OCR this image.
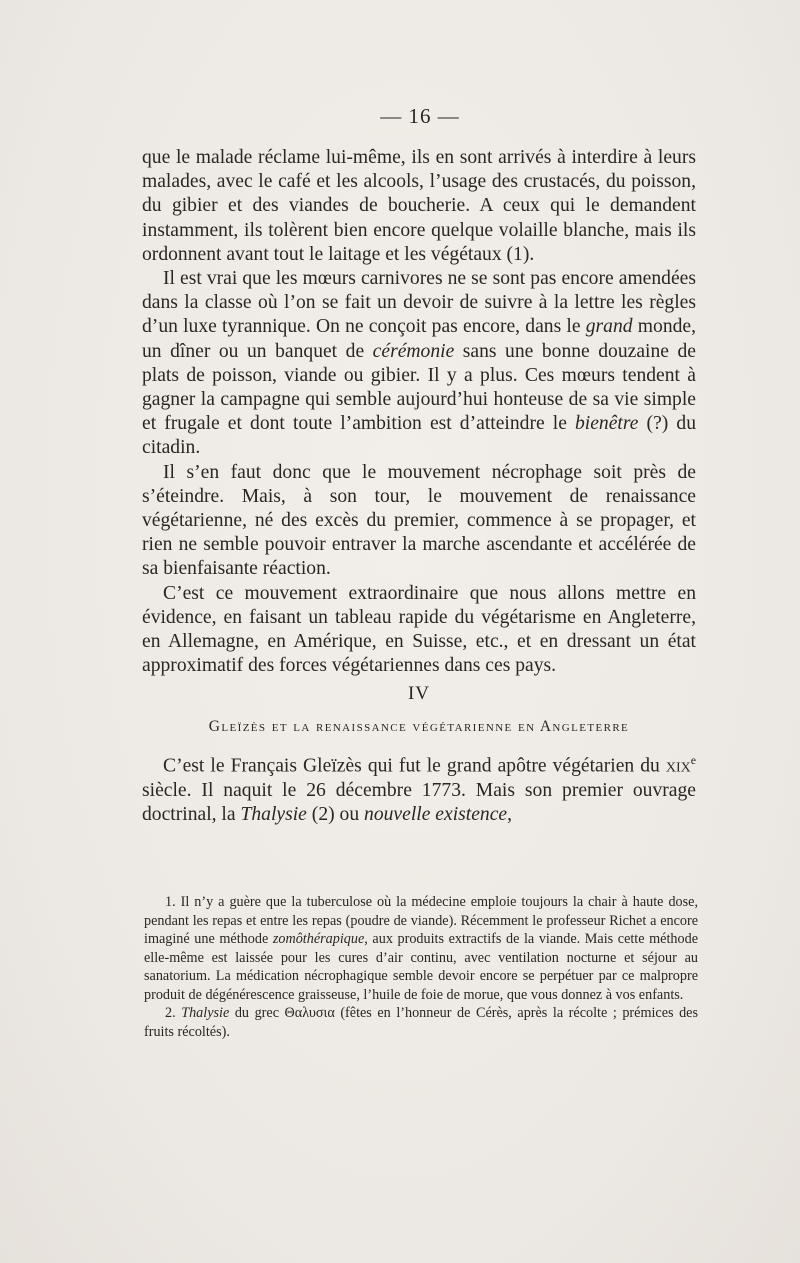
— 16 —

que le malade réclame lui-même, ils en sont arrivés à interdire à leurs malades, avec le café et les alcools, l’usage des crustacés, du poisson, du gibier et des viandes de boucherie. A ceux qui le demandent instamment, ils tolèrent bien encore quelque volaille blanche, mais ils ordonnent avant tout le laitage et les végétaux (1).

Il est vrai que les mœurs carnivores ne se sont pas encore amendées dans la classe où l’on se fait un devoir de suivre à la lettre les règles d’un luxe tyrannique. On ne conçoit pas encore, dans le grand monde, un dîner ou un banquet de cérémonie sans une bonne douzaine de plats de poisson, viande ou gibier. Il y a plus. Ces mœurs tendent à gagner la campagne qui semble aujourd’hui honteuse de sa vie simple et frugale et dont toute l’ambition est d’atteindre le bienêtre (?) du citadin.

Il s’en faut donc que le mouvement nécrophage soit près de s’éteindre. Mais, à son tour, le mouvement de renaissance végétarienne, né des excès du premier, commence à se propager, et rien ne semble pouvoir entraver la marche ascendante et accélérée de sa bienfaisante réaction.

C’est ce mouvement extraordinaire que nous allons mettre en évidence, en faisant un tableau rapide du végétarisme en Angleterre, en Allemagne, en Amérique, en Suisse, etc., et en dressant un état approximatif des forces végétariennes dans ces pays.

IV
Gleïzès et la renaissance végétarienne en Angleterre

C’est le Français Gleïzès qui fut le grand apôtre végétarien du xix$^e$ siècle. Il naquit le 26 décembre 1773. Mais son premier ouvrage doctrinal, la Thalysie (2) ou nouvelle existence,

1. Il n’y a guère que la tuberculose où la médecine emploie toujours la chair à haute dose, pendant les repas et entre les repas (poudre de viande). Récemment le professeur Richet a encore imaginé une méthode zomôthérapique, aux produits extractifs de la viande. Mais cette méthode elle-même est laissée pour les cures d’air continu, avec ventilation nocturne et séjour au sanatorium. La médication nécrophagique semble devoir encore se perpétuer par ce malpropre produit de dégénérescence graisseuse, l’huile de foie de morue, que vous donnez à vos enfants.

2. Thalysie du grec Θαλυσια (fêtes en l’honneur de Cérès, après la récolte ; prémices des fruits récoltés).
